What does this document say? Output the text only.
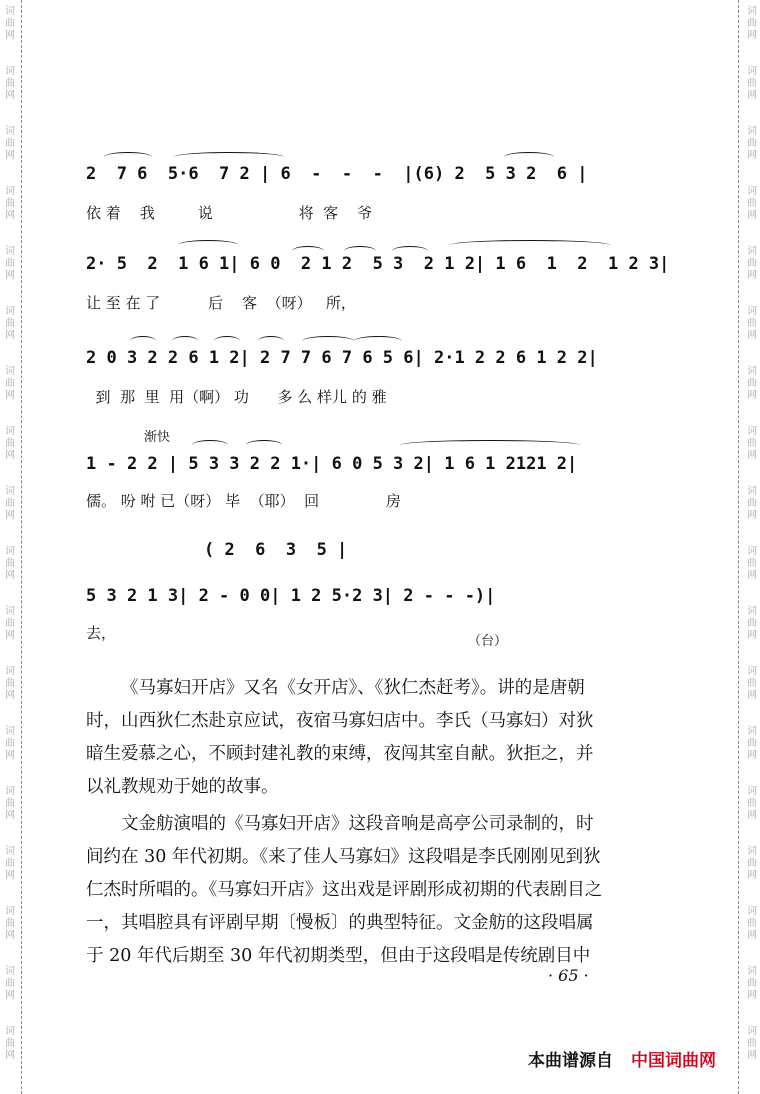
词曲网
词曲网
词曲网
词曲网
词曲网
词曲网
词曲网
词曲网
词曲网
词曲网
词曲网
词曲网
词曲网
词曲网
词曲网
词曲网
词曲网
词曲网
词曲网
词曲网
词曲网
词曲网
词曲网
词曲网
词曲网
词曲网
词曲网
词曲网
词曲网
词曲网
词曲网
词曲网
词曲网
词曲网
词曲网
词曲网
2  7 6  5·6  7 2 | 6  -  -  -  |(6) 2  5 3 2  6 |
依 着    我         说                  将  客    爷
2· 5  2  1 6 1| 6 0  2 1 2  5 3  2 1 2| 1 6  1  2  1 2 3|
让 至 在 了          后    客  （呀）   所，
2 0 3 2 2 6 1 2| 2 7 7 6 7 6 5 6| 2·1 2 2 6 1 2 2|
到  那  里  用（啊） 功      多 么 样儿 的 雅
渐快
1 - 2 2 | 5 3 3 2 2 1·| 6 0 5 3 2| 1 6 1 2121 2|
儒。 吩 咐 已（呀） 毕  （耶）  回              房
( 2  6  3  5 |
5 3 2 1 3| 2 - 0 0| 1 2 5·2 3| 2 - - -)|
去，	（台）

《马寡妇开店》又名《女开店》、《狄仁杰赶考》。讲的是唐朝时，山西狄仁杰赴京应试，夜宿马寡妇店中。李氏（马寡妇）对狄暗生爱慕之心，不顾封建礼教的束缚，夜闯其室自献。狄拒之，并以礼教规劝于她的故事。

文金舫演唱的《马寡妇开店》这段音响是高亭公司录制的，时间约在 30 年代初期。《来了佳人马寡妇》这段唱是李氏刚刚见到狄仁杰时所唱的。《马寡妇开店》这出戏是评剧形成初期的代表剧目之一，其唱腔具有评剧早期〔慢板〕的典型特征。文金舫的这段唱属于 20 年代后期至 30 年代初期类型，但由于这段唱是传统剧目中

· 65 ·
本曲谱源自 中国词曲网
